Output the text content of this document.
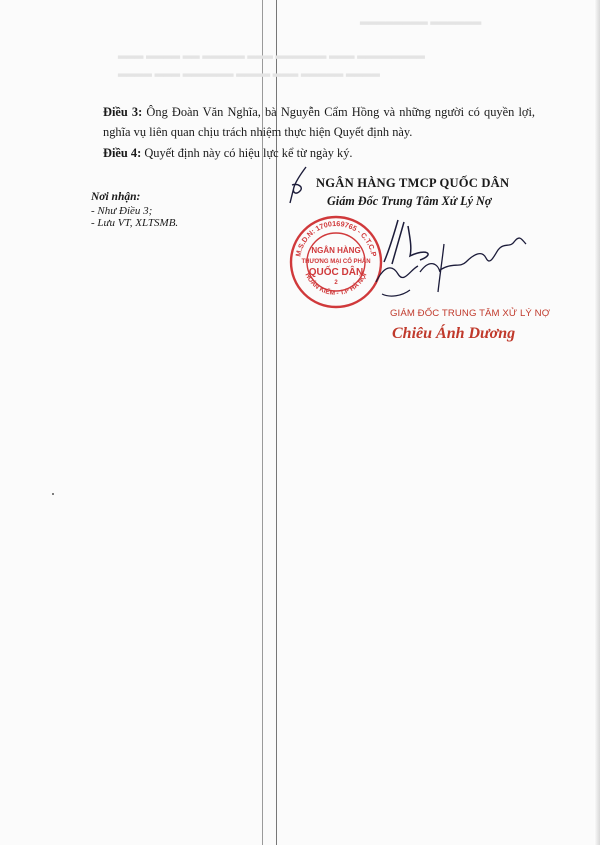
▂▂▂ ▂▂▂▂ ▂▂ ▂▂▂▂▂ ▂▂▂ ▂▂▂▂▂▂ ▂▂▂ ▂▂▂▂▂▂▂▂
▂▂▂▂ ▂▂▂ ▂▂▂▂▂▂ ▂▂▂▂ ▂▂▂ ▂▂▂▂▂ ▂▂▂▂
▂▂▂▂▂▂▂▂ ▂▂▂▂▂▂
Điều 3: Ông Đoàn Văn Nghĩa, bà Nguyễn Cẩm Hồng và những người có quyền lợi, nghĩa vụ liên quan chịu trách nhiệm thực hiện Quyết định này.
Điều 4: Quyết định này có hiệu lực kể từ ngày ký.
Nơi nhận:
- Như Điều 3;
- Lưu VT, XLTSMB.
NGÂN HÀNG TMCP QUỐC DÂN
Giám Đốc Trung Tâm Xử Lý Nợ
M.S.D.N: 1700169765 - C.T.C.P
HOÀN KIẾM - T.P HÀ NỘI
NGÂN HÀNG
THƯƠNG MẠI CỔ PHẦN
QUỐC DÂN
2
GIÁM ĐỐC TRUNG TÂM XỬ LÝ NỢ
Chiêu Ánh Dương
